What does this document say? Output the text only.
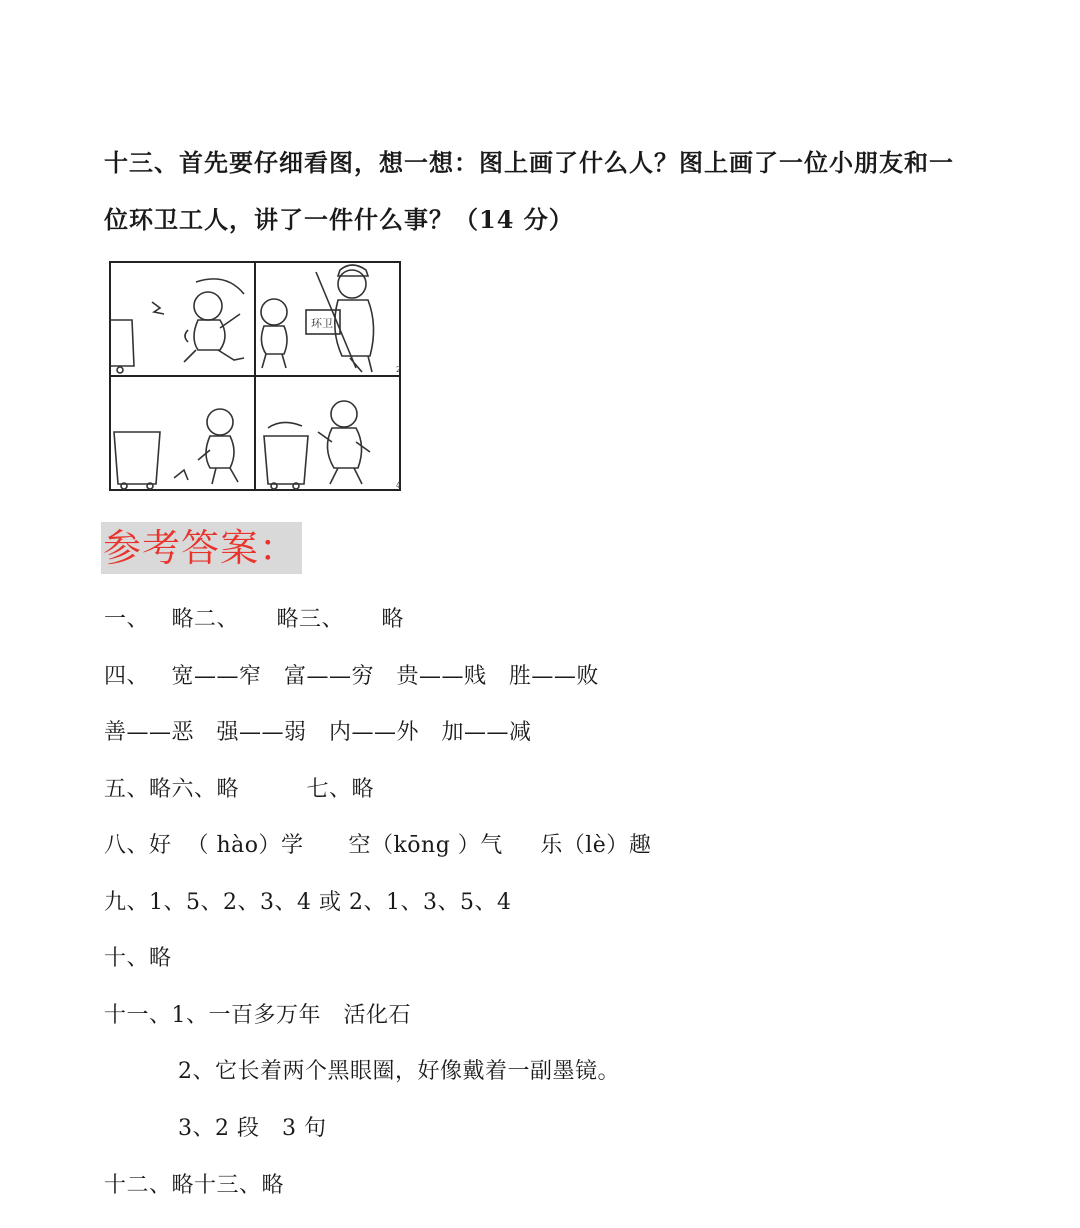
十三、首先要仔细看图，想一想：图上画了什么人？图上画了一位小朋友和一
位环卫工人，讲了一件什么事？（14 分）
2
环卫
4
参考答案：
一、   略二、     略三、     略
四、   宽——窄   富——穷   贵——贱   胜——败
善——恶   强——弱   内——外   加——减
五、略六、略         七、略
八、好  （ hào）学      空（kōng ）气     乐（lè）趣
九、1、5、2、3、4 或 2、1、3、5、4
十、略
十一、1、一百多万年   活化石
2、它长着两个黑眼圈，好像戴着一副墨镜。
3、2 段   3 句
十二、略十三、略
